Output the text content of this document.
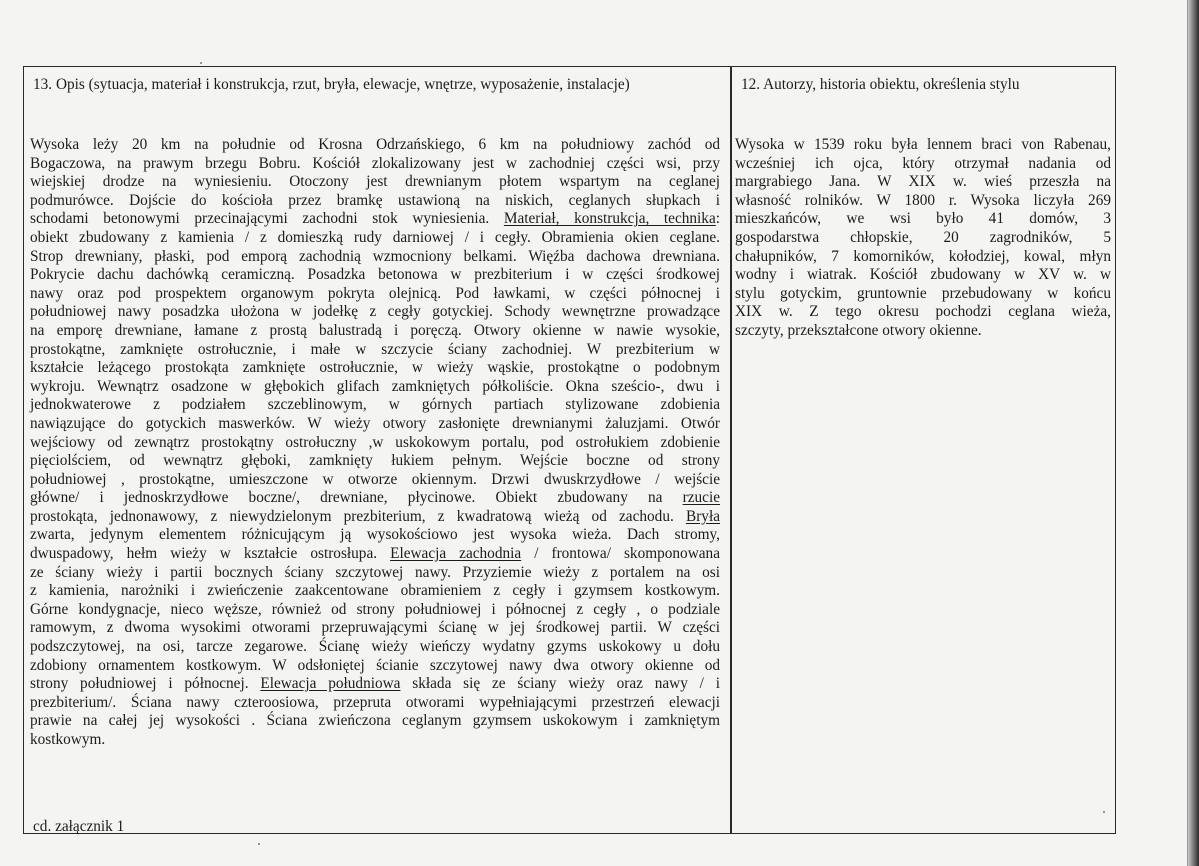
13. Opis (sytuacja, materiał i konstrukcja, rzut, bryła, elewacje, wnętrze, wyposażenie, instalacje)
Wysoka leży 20 km na południe od Krosna Odrzańskiego, 6 km na południowy zachód od
Bogaczowa, na prawym brzegu Bobru. Kościół zlokalizowany jest w zachodniej części wsi, przy
wiejskiej drodze na wyniesieniu. Otoczony jest drewnianym płotem wspartym na ceglanej
podmurówce. Dojście do kościoła przez bramkę ustawioną na niskich, ceglanych słupkach i
schodami betonowymi przecinającymi zachodni stok wyniesienia. Materiał, konstrukcja, technika:
obiekt zbudowany z kamienia / z domieszką rudy darniowej / i cegły. Obramienia okien ceglane.
Strop drewniany, płaski, pod emporą zachodnią wzmocniony belkami. Więźba dachowa drewniana.
Pokrycie dachu dachówką ceramiczną. Posadzka betonowa w prezbiterium i w części środkowej
nawy oraz pod prospektem organowym pokryta olejnicą. Pod ławkami, w części północnej i
południowej nawy posadzka ułożona w jodełkę z cegły gotyckiej. Schody wewnętrzne prowadzące
na emporę drewniane, łamane z prostą balustradą i poręczą. Otwory okienne w nawie wysokie,
prostokątne, zamknięte ostrołucznie, i małe w szczycie ściany zachodniej. W prezbiterium w
kształcie leżącego prostokąta zamknięte ostrołucznie, w wieży wąskie, prostokątne o podobnym
wykroju. Wewnątrz osadzone w głębokich glifach zamkniętych półkoliście. Okna sześcio-, dwu i
jednokwaterowe z podziałem szczeblinowym, w górnych partiach stylizowane zdobienia
nawiązujące do gotyckich maswerków. W wieży otwory zasłonięte drewnianymi żaluzjami. Otwór
wejściowy od zewnątrz prostokątny ostrołuczny ,w uskokowym portalu, pod ostrołukiem zdobienie
pięciolściem, od wewnątrz głęboki, zamknięty łukiem pełnym. Wejście boczne od strony
południowej , prostokątne, umieszczone w otworze okiennym. Drzwi dwuskrzydłowe / wejście
główne/ i jednoskrzydłowe boczne/, drewniane, płycinowe. Obiekt zbudowany na rzucie
prostokąta, jednonawowy, z niewydzielonym prezbiterium, z kwadratową wieżą od zachodu. Bryła
zwarta, jedynym elementem różnicującym ją wysokościowo jest wysoka wieża. Dach stromy,
dwuspadowy, hełm wieży w kształcie ostrosłupa. Elewacja zachodnia / frontowa/ skomponowana
ze ściany wieży i partii bocznych ściany szczytowej nawy. Przyziemie wieży z portalem na osi
z kamienia, narożniki i zwieńczenie zaakcentowane obramieniem z cegły i gzymsem kostkowym.
Górne kondygnacje, nieco węższe, również od strony południowej i północnej z cegły , o podziale
ramowym, z dwoma wysokimi otworami przepruwającymi ścianę w jej środkowej partii. W części
podszczytowej, na osi, tarcze zegarowe. Ścianę wieży wieńczy wydatny gzyms uskokowy u dołu
zdobiony ornamentem kostkowym. W odsłoniętej ścianie szczytowej nawy dwa otwory okienne od
strony południowej i północnej. Elewacja południowa składa się ze ściany wieży oraz nawy / i
prezbiterium/. Ściana nawy czteroosiowa, przepruta otworami wypełniającymi przestrzeń elewacji
prawie na całej jej wysokości . Ściana zwieńczona ceglanym gzymsem uskokowym i zamkniętym
kostkowym.
12. Autorzy, historia obiektu, określenia stylu
Wysoka w 1539 roku była lennem braci von Rabenau,
wcześniej ich ojca, który otrzymał nadania od
margrabiego Jana. W XIX w. wieś przeszła na
własność rolników. W 1800 r. Wysoka liczyła 269
mieszkańców, we wsi było 41 domów, 3
gospodarstwa chłopskie, 20 zagrodników, 5
chałupników, 7 komorników, kołodziej, kowal, młyn
wodny i wiatrak. Kościół zbudowany w XV w. w
stylu gotyckim, gruntownie przebudowany w końcu
XIX w. Z tego okresu pochodzi ceglana wieża,
szczyty, przekształcone otwory okienne.
cd. załącznik 1
